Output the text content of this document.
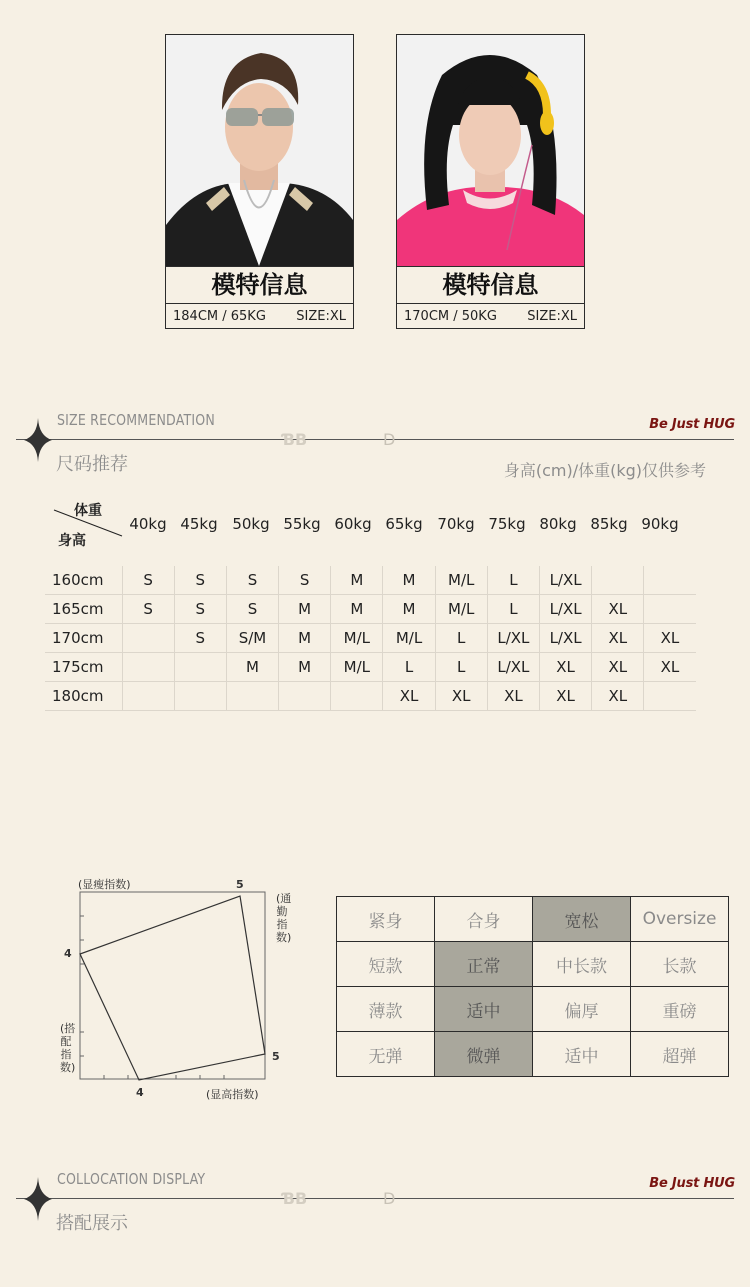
模特信息
184CM / 65KG SIZE:XL
模特信息
170CM / 50KG SIZE:XL
SIZE RECOMMENDATION
ƁB	D
Be Just HUG
尺码推荐	身高(cm)/体重(kg)仅供参考
体重
身高
40kg 45kg 50kg 55kg 60kg 65kg 70kg 75kg 80kg 85kg 90kg
160cm	S	S	S	S	M	M	M/L	L	L/XL		
165cm	S	S	S	M	M	M	M/L	L	L/XL	XL	
170cm		S	S/M	M	M/L	M/L	L	L/XL	L/XL	XL	XL
175cm			M	M	M/L	L	L	L/XL	XL	XL	XL
180cm						XL	XL	XL	XL	XL	
(显瘦指数)	5
(通勤指数)
4
(搭配指数)
5
4	(显高指数)
紧身	合身	宽松	Oversize
短款	正常	中长款	长款
薄款	适中	偏厚	重磅
无弹	微弹	适中	超弹
COLLOCATION DISPLAY
ƁB	D
Be Just HUG
搭配展示
